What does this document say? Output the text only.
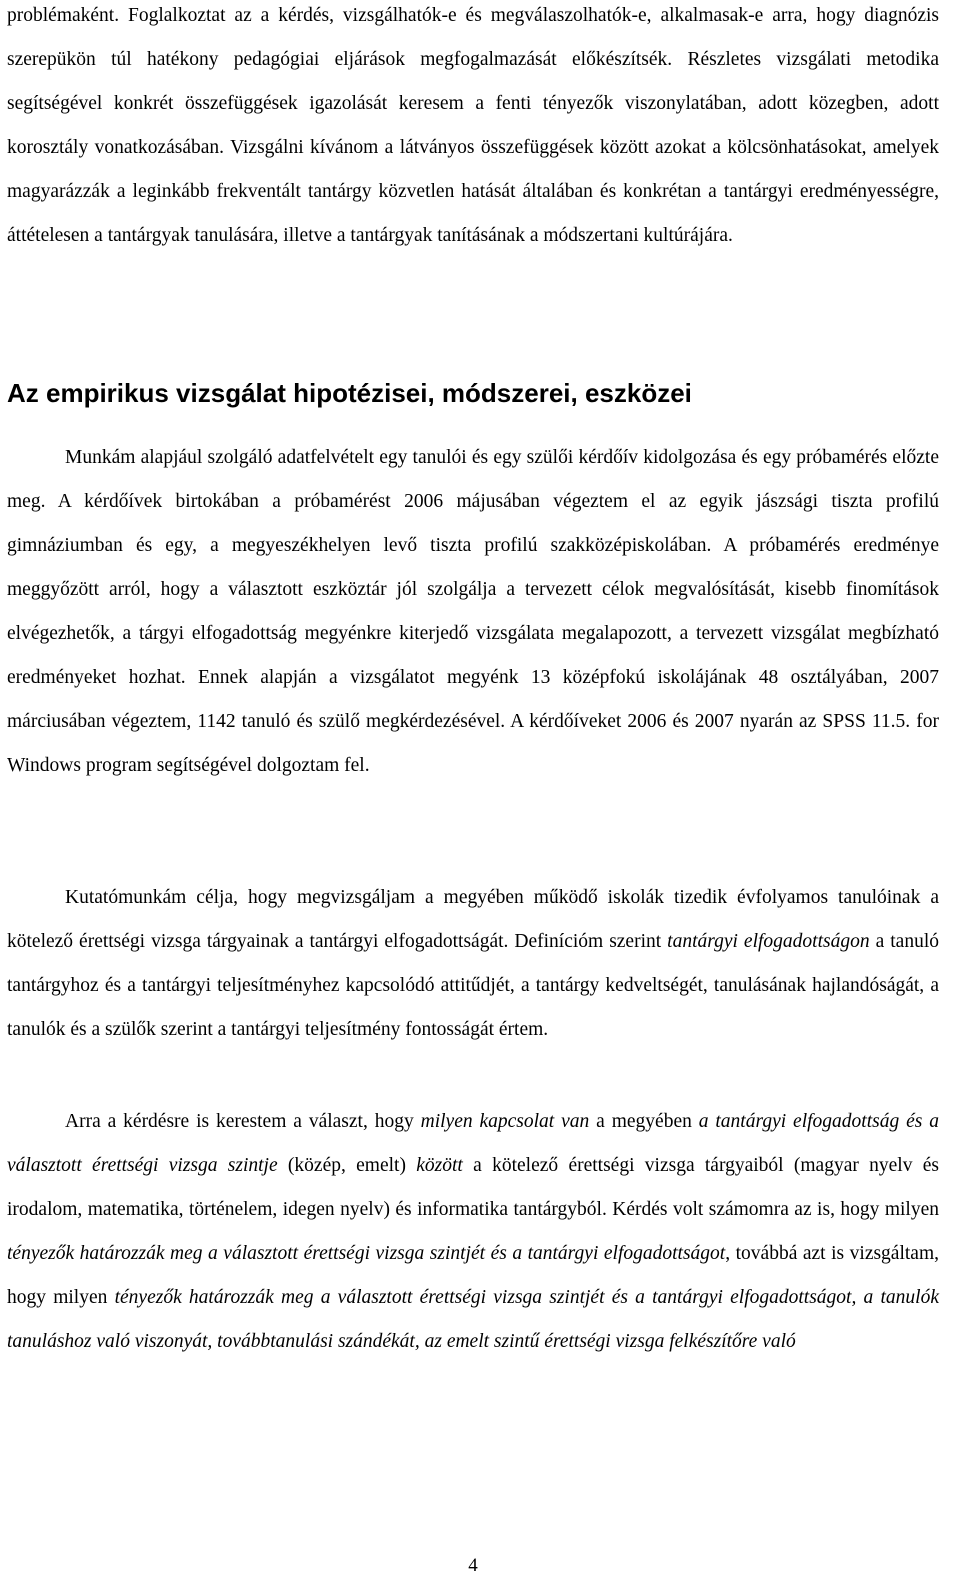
problémaként. Foglalkoztat az a kérdés, vizsgálhatók-e és megválaszolhatók-e, alkalmasak-e arra, hogy diagnózis szerepükön túl hatékony pedagógiai eljárások megfogalmazását előkészítsék. Részletes vizsgálati metodika segítségével konkrét összefüggések igazolását keresem a fenti tényezők viszonylatában, adott közegben, adott korosztály vonatkozásában. Vizsgálni kívánom a látványos összefüggések között azokat a kölcsönhatásokat, amelyek magyarázzák a leginkább frekventált tantárgy közvetlen hatását általában és konkrétan a tantárgyi eredményességre, áttételesen a tantárgyak tanulására, illetve a tantárgyak tanításának a módszertani kultúrájára.

Az empirikus vizsgálat hipotézisei, módszerei, eszközei

Munkám alapjául szolgáló adatfelvételt egy tanulói és egy szülői kérdőív kidolgozása és egy próbamérés előzte meg. A kérdőívek birtokában a próbamérést 2006 májusában végeztem el az egyik jászsági tiszta profilú gimnáziumban és egy, a megyeszékhelyen levő tiszta profilú szakközépiskolában. A próbamérés eredménye meggyőzött arról, hogy a választott eszköztár jól szolgálja a tervezett célok megvalósítását, kisebb finomítások elvégezhetők, a tárgyi elfogadottság megyénkre kiterjedő vizsgálata megalapozott, a tervezett vizsgálat megbízható eredményeket hozhat. Ennek alapján a vizsgálatot megyénk 13 középfokú iskolájának 48 osztályában, 2007 márciusában végeztem, 1142 tanuló és szülő megkérdezésével. A kérdőíveket 2006 és 2007 nyarán az SPSS 11.5. for Windows program segítségével dolgoztam fel.

Kutatómunkám célja, hogy megvizsgáljam a megyében működő iskolák tizedik évfolyamos tanulóinak a kötelező érettségi vizsga tárgyainak a tantárgyi elfogadottságát. Definícióm szerint tantárgyi elfogadottságon a tanuló tantárgyhoz és a tantárgyi teljesítményhez kapcsolódó attitűdjét, a tantárgy kedveltségét, tanulásának hajlandóságát, a tanulók és a szülők szerint a tantárgyi teljesítmény fontosságát értem.

Arra a kérdésre is kerestem a választ, hogy milyen kapcsolat van a megyében a tantárgyi elfogadottság és a választott érettségi vizsga szintje (közép, emelt) között a kötelező érettségi vizsga tárgyaiból (magyar nyelv és irodalom, matematika, történelem, idegen nyelv) és informatika tantárgyból. Kérdés volt számomra az is, hogy milyen tényezők határozzák meg a választott érettségi vizsga szintjét és a tantárgyi elfogadottságot, továbbá azt is vizsgáltam, hogy milyen tényezők határozzák meg a választott érettségi vizsga szintjét és a tantárgyi elfogadottságot, a tanulók tanuláshoz való viszonyát, továbbtanulási szándékát, az emelt szintű érettségi vizsga felkészítőre való

4
